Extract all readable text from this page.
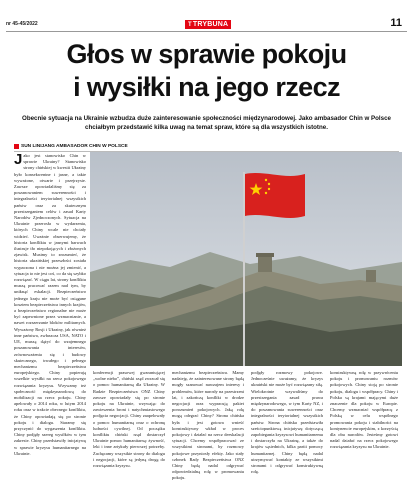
nr 45-45/2022	TTRYBUNA	11
Głos w sprawie pokoju
i wysiłki na jego rzecz

Obecnie sytuacja na Ukrainie wzbudza duże zainteresowanie społeczności międzynarodowej. Jako ambasador Chin w Polsce chciałbym przedstawić kilka uwag na temat spraw, które są dla wszystkich istotne.

SUN LINIJANG AMBASADOR CHIN W POLSCE

Jako jest stanowisko Chin w sprawie Ukrainy? Stanowisko strony chińskiej w kwestii Ukrainy było konsekwentne i jasne, a takie wyważone, otwarte i przejrzyste. Zawsze opowiadaliśmy się za poszanowaniem suwerenności i integralności terytorialnej wszystkich państw oraz za skutecznym przestrzeganiem celów i zasad Karty Narodów Zjednoczonych. Sytuacja na Ukrainie przerosła w wydarzenia, których Chiny wcale nie chciały widzieć. Uważnie obserwujemy, że historia konfliktu w jasnymi barwach ilustruje tło niepokojących i złożonych zjawisk. Musimy to zrozumieć, że historia ukraińskiej przeszłości została wypaczona i nie można jej zmienić, a sytuacja to nie jest coś, co da się szybko rozwiązać. W ciągu lat, strony konfliktu muszą pracować razem nad tym, by uniknąć eskalacji. Bezpieczeństwo jednego kraju nie może być osiągane kosztem bezpieczeństwa innych krajów, a bezpieczeństwo regionalne nie może być zapewnione przez wzmacnianie, a nawet rozszerzanie bloków militarnych. Wyważony Rosji i Ukrainy, jak również inne państwa, zwłaszcza USA, NATO i UE, muszą dążyć do wzajemnego poszanowania interesów, zrównoważenia się i budowy skutecznego, trwałego i pełnego mechanizmu bezpieczeństwa europejskiego. Chiny popierają wszelkie wysiłki na rzecz pokojowego rozwiązania kryzysu. Wzywamy też społeczność międzynarodową do mobilizacji na rzecz pokoju. Chiny apelowały o 2014 roku, w lutym 2014 roku oraz w trakcie obecnego konfliktu, że Chiny opowiadają się po stronie pokoju i dialogu. Staramy się przyczynić do wygaszenia konfliktu. Chiny podjęły szereg wysiłków w tym zakresie. Chiny przedstawiły inicjatywę w sprawie kryzysu humanitarnego na Ukrainie.

konferencji prasowej gwarantującej „wolne niebo”, chiński rząd zwracał się o pomoc humanitarną dla Ukrainy. W Radzie Bezpieczeństwa ONZ Chiny zawsze opowiadały się po stronie pokoju na Ukrainie, wzywając do zawieszenia broni i natychmiastowego podjęcia negocjacji. Chiny zaapelowały o pomoc humanitarną oraz o ochronę ludności cywilnej. Od początku konfliktu chiński rząd dostarczył Ukrainie pomoc humanitarną: żywność, leki i inne artykuły pierwszej potrzeby. Zachęcamy wszystkie strony do dialogu i negocjacji, które są jedyną drogą do rozwiązania kryzysu.

mechanizmu bezpieczeństwa. Mamy nadzieję, że zainteresowane strony będą mogły szanować nawzajem interesy i problemów, które narosły na przestrzeni lat, i zakończą konflikt w drodze negocjacji oraz wypracują pakiet porozumień pokojowych. Jaką rolę mogą odegrać Chiny? Strona chińska była i jest gotowa wnieść konstruktywny wkład w proces pokojowy i działać na rzecz deeskalacji sytuacji. Chcemy współpracować ze wszystkimi stronami, by rozmowy pokojowe przyniosły efekty. Jako stały członek Rady Bezpieczeństwa ONZ Chiny będą nadal odgrywać odpowiedzialną rolę w promowaniu pokoju.

podjęły rozmowy pokojowe. Jednocześnie uważamy, że kryzys ukraiński nie może być rozwiązany siłą. Wielokrotnie wzywaliśmy do przestrzegania zasad prawa międzynarodowego, w tym Karty NZ, i do poszanowania suwerenności oraz integralności terytorialnej wszystkich państw. Strona chińska przedstawiła sześciopunktową inicjatywę dotyczącą zapobiegania kryzysowi humanitarnemu i dostarczyła na Ukrainę, a także do krajów sąsiednich, kilka partii pomocy humanitarnej. Chiny będą nadal utrzymywać kontakty ze wszystkimi stronami i odgrywać konstruktywną rolę.

konstruktywną rolę w przywróceniu pokoju i promowaniu rozmów pokojowych. Chiny stoją po stronie pokoju, dialogu i współpracy. Chiny i Polska są krajami mającymi duże znaczenie dla pokoju w Europie. Chcemy wzmacniać współpracę z Polską w celu wspólnego promowania pokoju i stabilności na kontynencie europejskim, z korzyścią dla obu narodów. Jesteśmy gotowi nadal działać na rzecz pokojowego rozwiązania kryzysu na Ukrainie.
